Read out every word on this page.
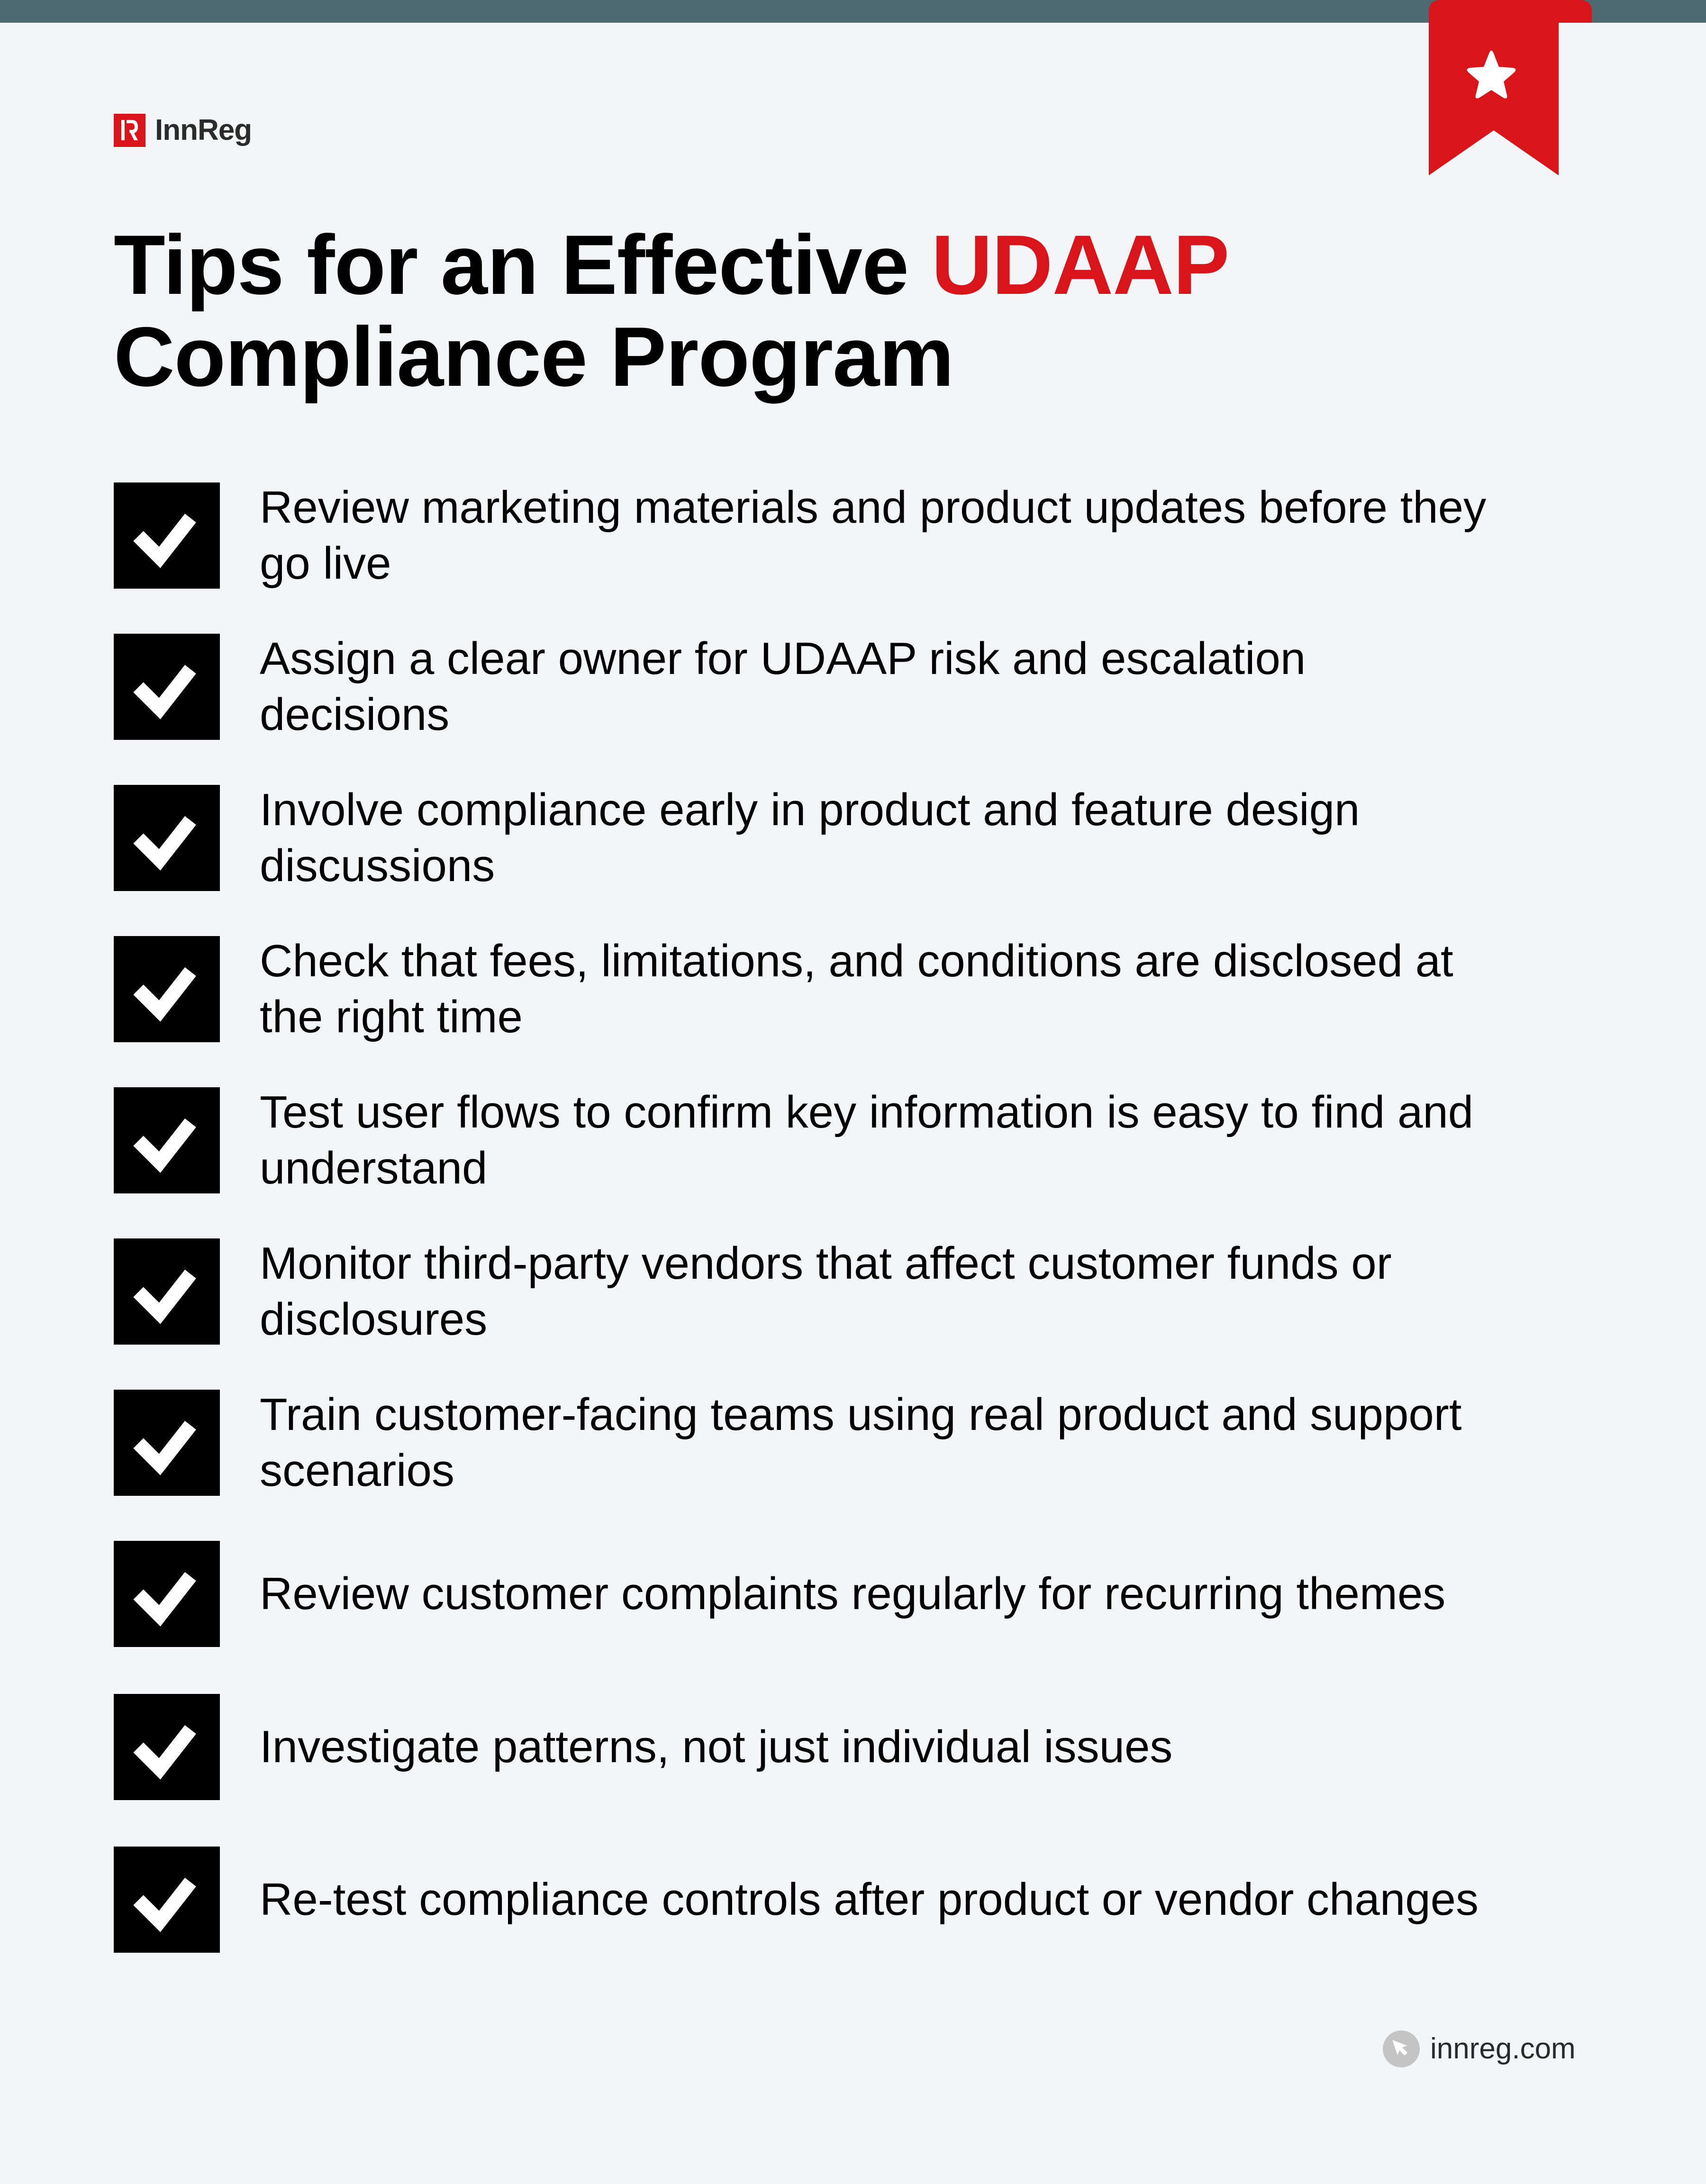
InnReg
Tips for an Effective UDAAP
Compliance Program
Review marketing materials and product updates before they go live
Assign a clear owner for UDAAP risk and escalation decisions
Involve compliance early in product and feature design discussions
Check that fees, limitations, and conditions are disclosed at the right time
Test user flows to confirm key information is easy to find and understand
Monitor third-party vendors that affect customer funds or disclosures
Train customer-facing teams using real product and support scenarios
Review customer complaints regularly for recurring themes
Investigate patterns, not just individual issues
Re-test compliance controls after product or vendor changes
innreg.com
